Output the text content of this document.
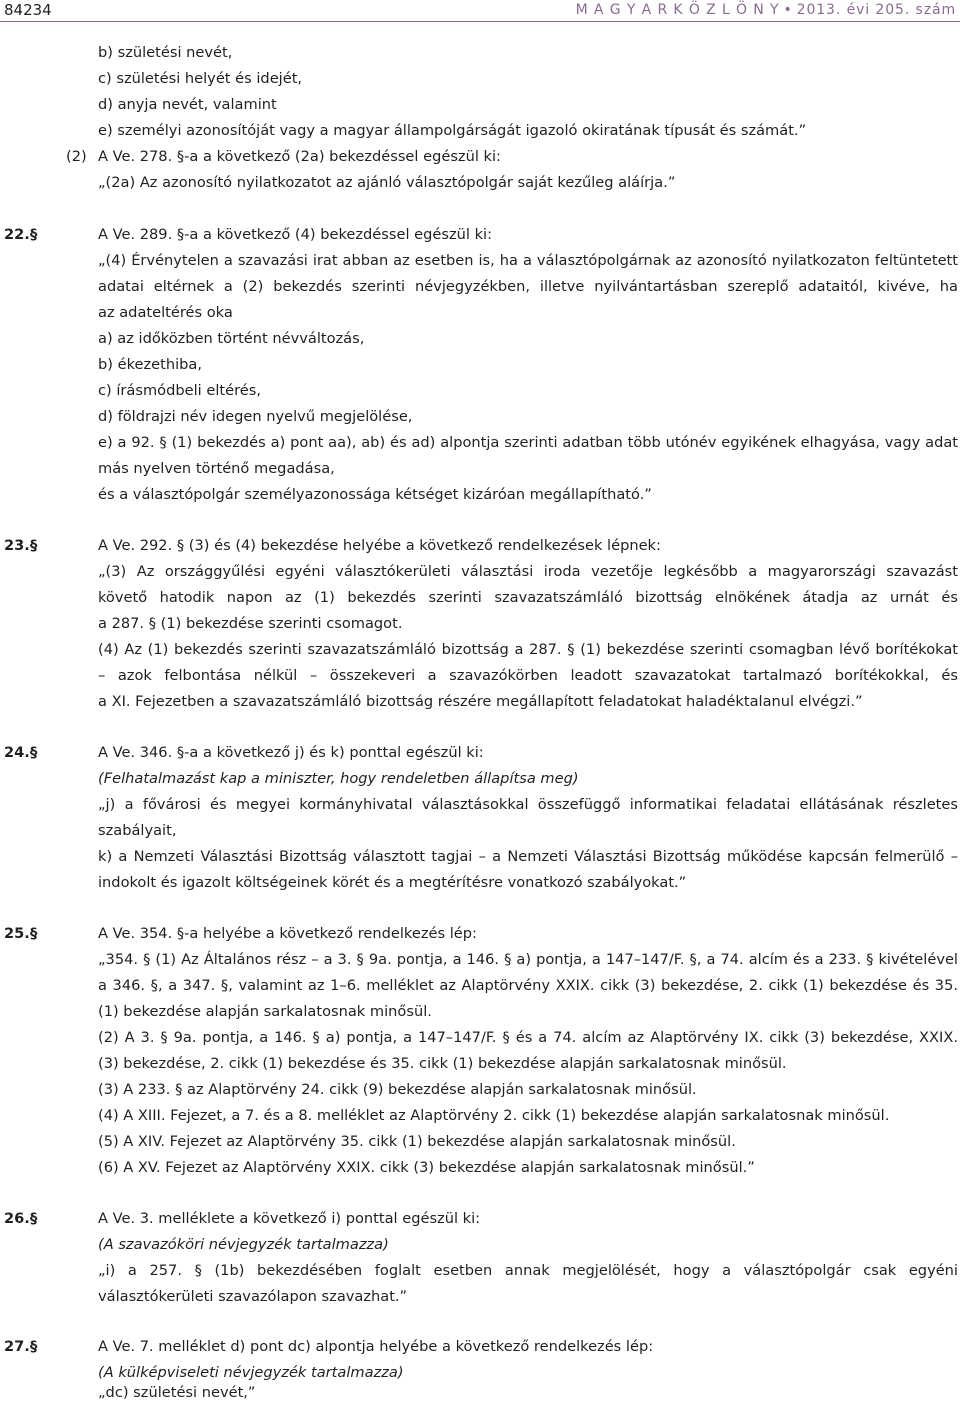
84234	M A G Y A R K Ö Z L Ö N Y • 2013. évi 205. szám
b) születési nevét,
c) születési helyét és idejét,
d) anyja nevét, valamint
e) személyi azonosítóját vagy a magyar állampolgárságát igazoló okiratának típusát és számát.”
(2) A Ve. 278. §-a a következő (2a) bekezdéssel egészül ki:
„(2a) Az azonosító nyilatkozatot az ajánló választópolgár saját kezűleg aláírja.”
22. §	A Ve. 289. §-a a következő (4) bekezdéssel egészül ki:
„(4) Érvénytelen a szavazási irat abban az esetben is, ha a választópolgárnak az azonosító nyilatkozaton feltüntetett
adatai eltérnek a (2) bekezdés szerinti névjegyzékben, illetve nyilvántartásban szereplő adataitól, kivéve, ha
az adateltérés oka
a) az időközben történt névváltozás,
b) ékezethiba,
c) írásmódbeli eltérés,
d) földrajzi név idegen nyelvű megjelölése,
e) a 92. § (1) bekezdés a) pont aa), ab) és ad) alpontja szerinti adatban több utónév egyikének elhagyása, vagy adat
más nyelven történő megadása,
és a választópolgár személyazonossága kétséget kizáróan megállapítható.”
23. §	A Ve. 292. § (3) és (4) bekezdése helyébe a következő rendelkezések lépnek:
„(3) Az országgyűlési egyéni választókerületi választási iroda vezetője legkésőbb a magyarországi szavazást
követő hatodik napon az (1) bekezdés szerinti szavazatszámláló bizottság elnökének átadja az urnát és
a 287. § (1) bekezdése szerinti csomagot.
(4) Az (1) bekezdés szerinti szavazatszámláló bizottság a 287. § (1) bekezdése szerinti csomagban lévő borítékokat
– azok felbontása nélkül – összekeveri a szavazókörben leadott szavazatokat tartalmazó borítékokkal, és
a XI. Fejezetben a szavazatszámláló bizottság részére megállapított feladatokat haladéktalanul elvégzi.”
24. §	A Ve. 346. §-a a következő j) és k) ponttal egészül ki:
(Felhatalmazást kap a miniszter, hogy rendeletben állapítsa meg)
„j) a fővárosi és megyei kormányhivatal választásokkal összefüggő informatikai feladatai ellátásának részletes
szabályait,
k) a Nemzeti Választási Bizottság választott tagjai – a Nemzeti Választási Bizottság működése kapcsán felmerülő –
indokolt és igazolt költségeinek körét és a megtérítésre vonatkozó szabályokat.”
25. §	A Ve. 354. §-a helyébe a következő rendelkezés lép:
„354. § (1) Az Általános rész – a 3. § 9a. pontja, a 146. § a) pontja, a 147–147/F. §, a 74. alcím és a 233. § kivételével
a 346. §, a 347. §, valamint az 1–6. melléklet az Alaptörvény XXIX. cikk (3) bekezdése, 2. cikk (1) bekezdése és 35.
(1) bekezdése alapján sarkalatosnak minősül.
(2) A 3. § 9a. pontja, a 146. § a) pontja, a 147–147/F. § és a 74. alcím az Alaptörvény IX. cikk (3) bekezdése, XXIX.
(3) bekezdése, 2. cikk (1) bekezdése és 35. cikk (1) bekezdése alapján sarkalatosnak minősül.
(3) A 233. § az Alaptörvény 24. cikk (9) bekezdése alapján sarkalatosnak minősül.
(4) A XIII. Fejezet, a 7. és a 8. melléklet az Alaptörvény 2. cikk (1) bekezdése alapján sarkalatosnak minősül.
(5) A XIV. Fejezet az Alaptörvény 35. cikk (1) bekezdése alapján sarkalatosnak minősül.
(6) A XV. Fejezet az Alaptörvény XXIX. cikk (3) bekezdése alapján sarkalatosnak minősül.”
26. §	A Ve. 3. melléklete a következő i) ponttal egészül ki:
(A szavazóköri névjegyzék tartalmazza)
„i) a 257. § (1b) bekezdésében foglalt esetben annak megjelölését, hogy a választópolgár csak egyéni
választókerületi szavazólapon szavazhat.”
27. §	A Ve. 7. melléklet d) pont dc) alpontja helyébe a következő rendelkezés lép:
(A külképviseleti névjegyzék tartalmazza)
„dc) születési nevét,”
